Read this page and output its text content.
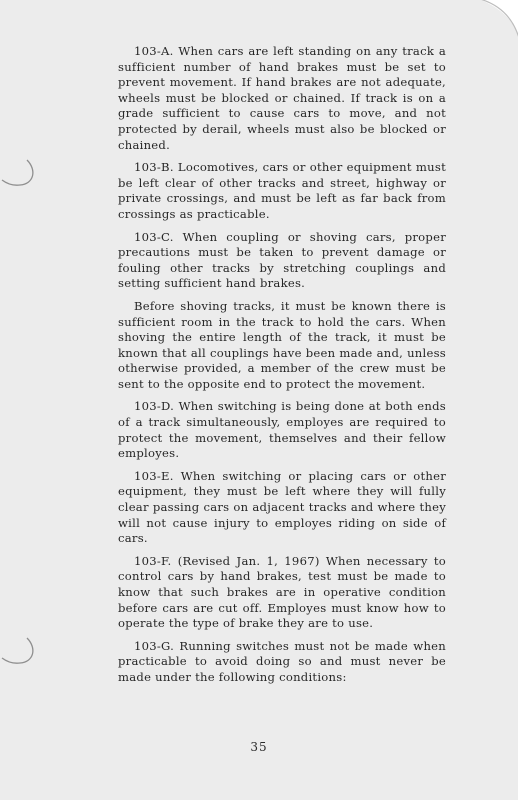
103-A. When cars are left standing on any track a sufficient number of hand brakes must be set to prevent movement. If hand brakes are not adequate, wheels must be blocked or chained. If track is on a grade sufficient to cause cars to move, and not protected by derail, wheels must also be blocked or chained.

103-B. Locomotives, cars or other equipment must be left clear of other tracks and street, highway or private crossings, and must be left as far back from crossings as practicable.

103-C. When coupling or shoving cars, proper precautions must be taken to prevent damage or fouling other tracks by stretching couplings and setting sufficient hand brakes.

Before shoving tracks, it must be known there is sufficient room in the track to hold the cars. When shoving the entire length of the track, it must be known that all couplings have been made and, unless otherwise provided, a member of the crew must be sent to the opposite end to protect the movement.

103-D. When switching is being done at both ends of a track simultaneously, employes are required to protect the movement, themselves and their fellow employes.

103-E. When switching or placing cars or other equipment, they must be left where they will fully clear passing cars on adjacent tracks and where they will not cause injury to employes riding on side of cars.

103-F. (Revised Jan. 1, 1967) When necessary to control cars by hand brakes, test must be made to know that such brakes are in operative condition before cars are cut off. Employes must know how to operate the type of brake they are to use.

103-G. Running switches must not be made when practicable to avoid doing so and must never be made under the following conditions:

35
